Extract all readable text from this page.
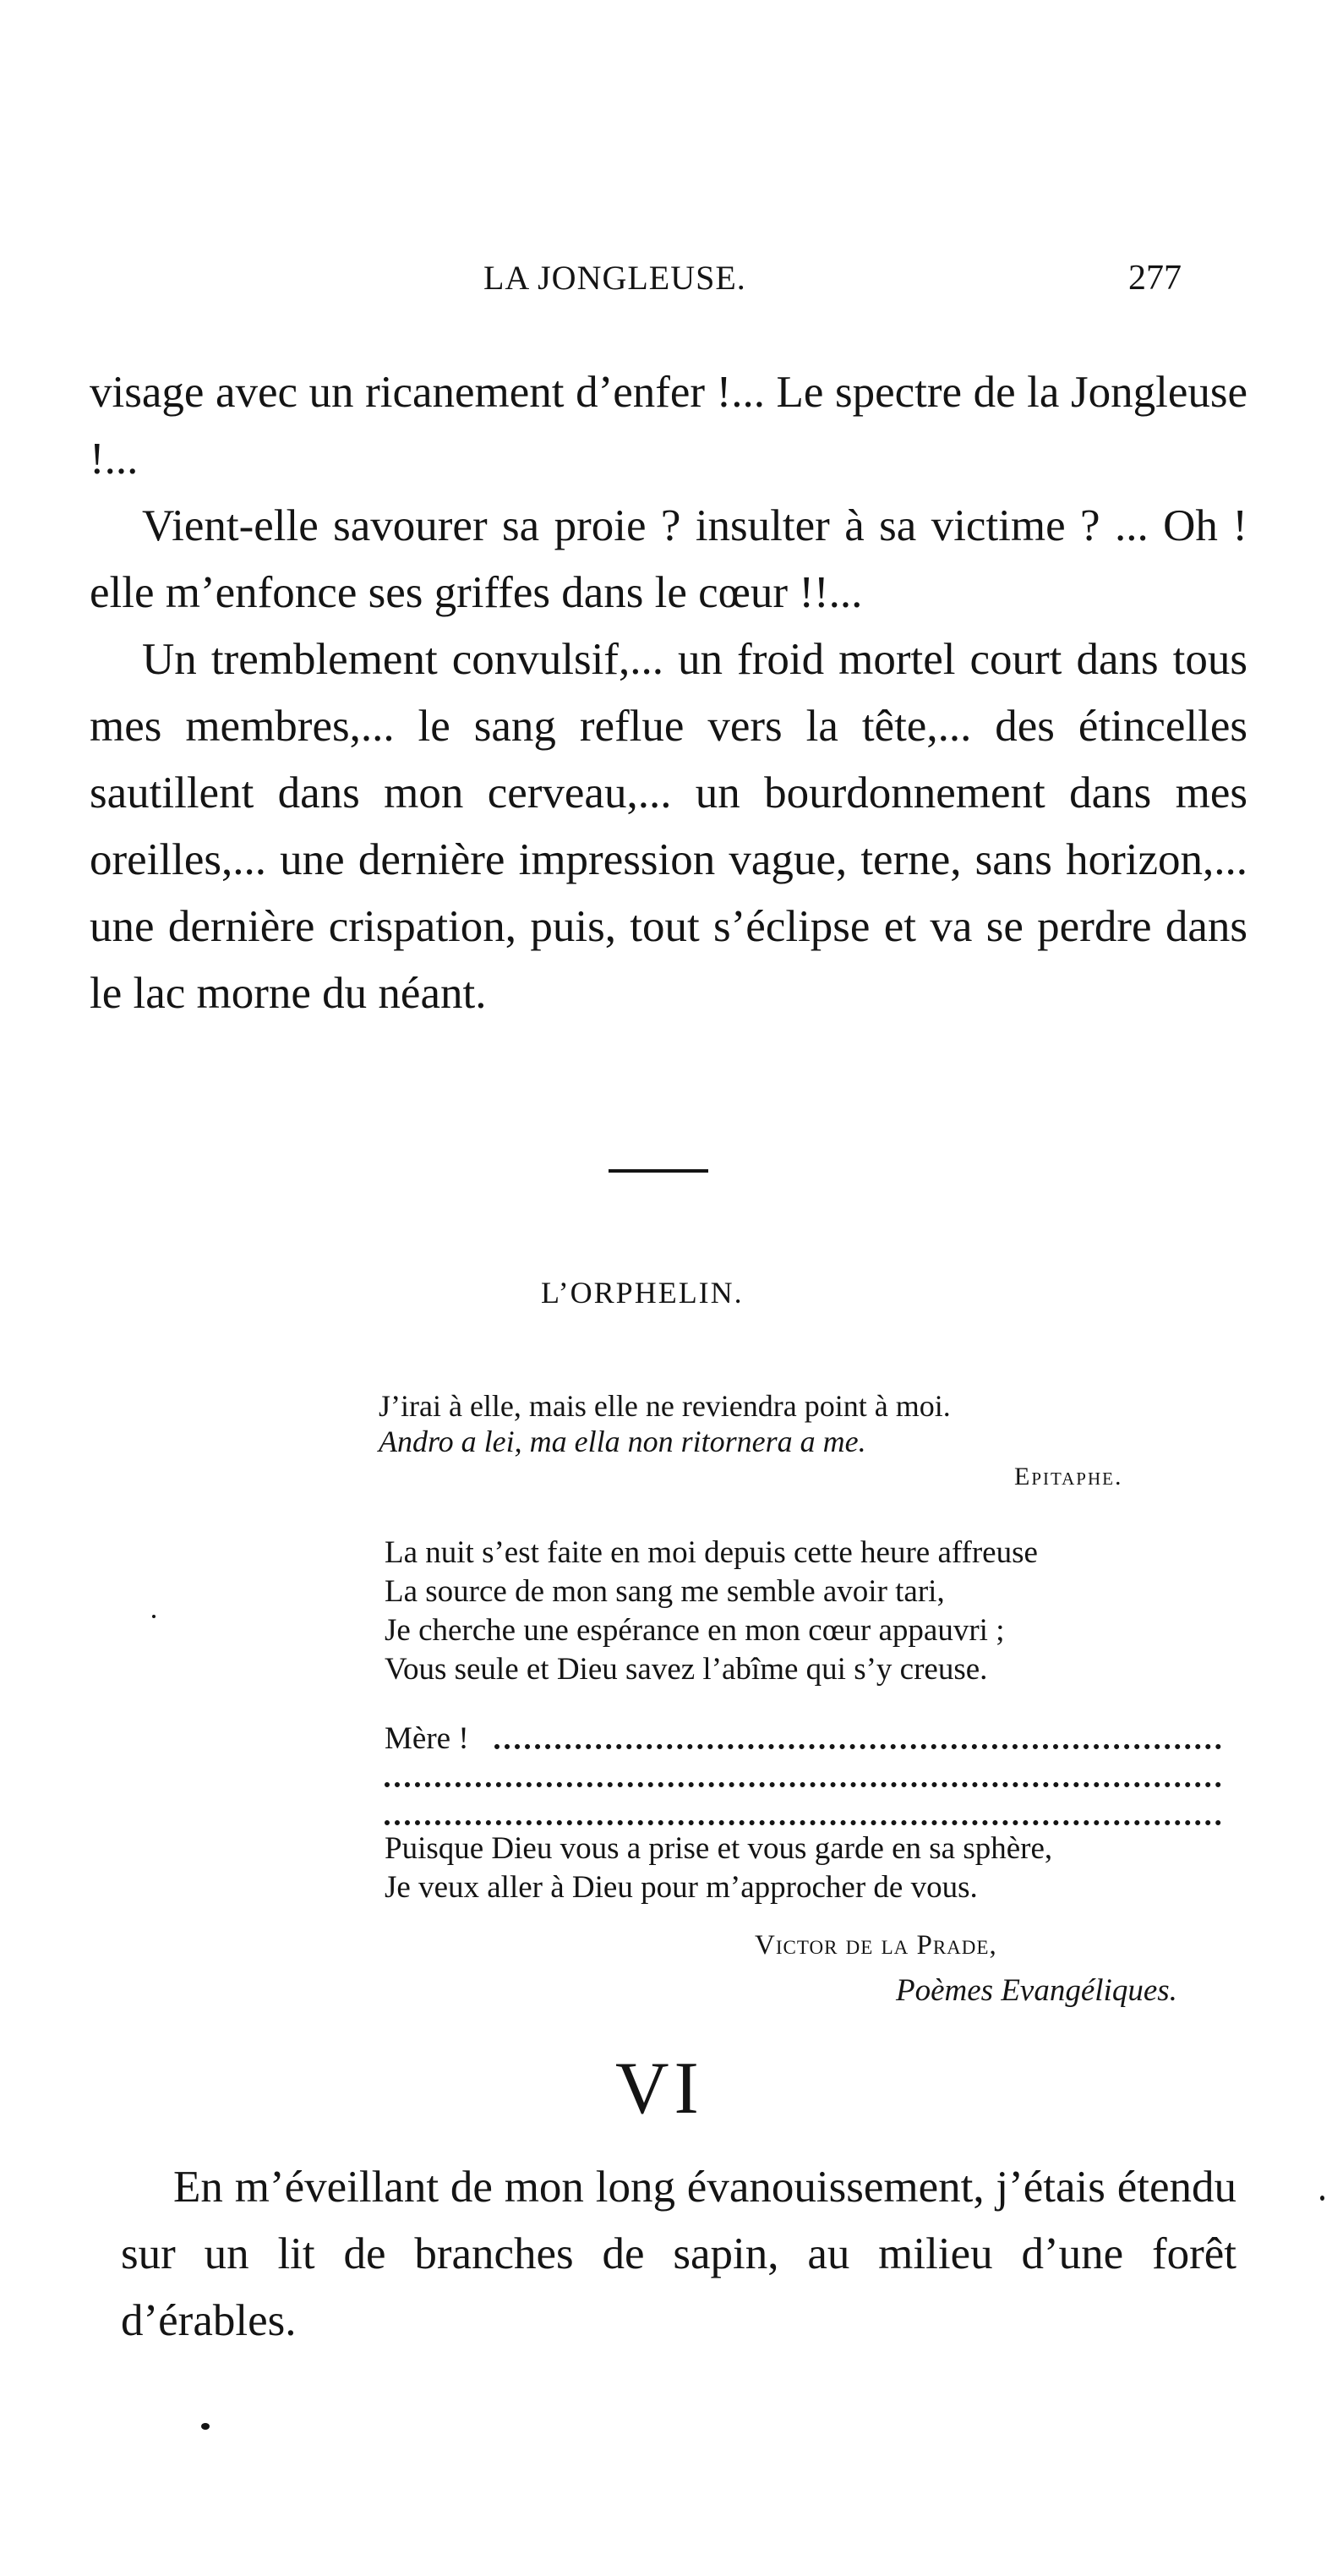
LA JONGLEUSE.	277

visage avec un ricanement d’enfer !... Le spectre de la Jongleuse !...

Vient-elle savourer sa proie ? insulter à sa victime ? ... Oh ! elle m’enfonce ses griffes dans le cœur !!...

Un tremblement convulsif,... un froid mortel court dans tous mes membres,... le sang reflue vers la tête,... des étincelles sautillent dans mon cerveau,... un bourdonnement dans mes oreilles,... une dernière impression vague, terne, sans horizon,... une dernière crispation, puis, tout s’éclipse et va se perdre dans le lac morne du néant.

L’ORPHELIN.
J’irai à elle, mais elle ne reviendra point à moi.
Andro a lei, ma ella non ritornera a me.
Epitaphe.
La nuit s’est faite en moi depuis cette heure affreuse
La source de mon sang me semble avoir tari,
Je cherche une espérance en mon cœur appauvri ;
Vous seule et Dieu savez l’abîme qui s’y creuse.
Mère !
Puisque Dieu vous a prise et vous garde en sa sphère,
Je veux aller à Dieu pour m’approcher de vous.
Victor de la Prade,
Poèmes Evangéliques.
VI

En m’éveillant de mon long évanouissement, j’étais étendu sur un lit de branches de sapin, au milieu d’une forêt d’érables.
